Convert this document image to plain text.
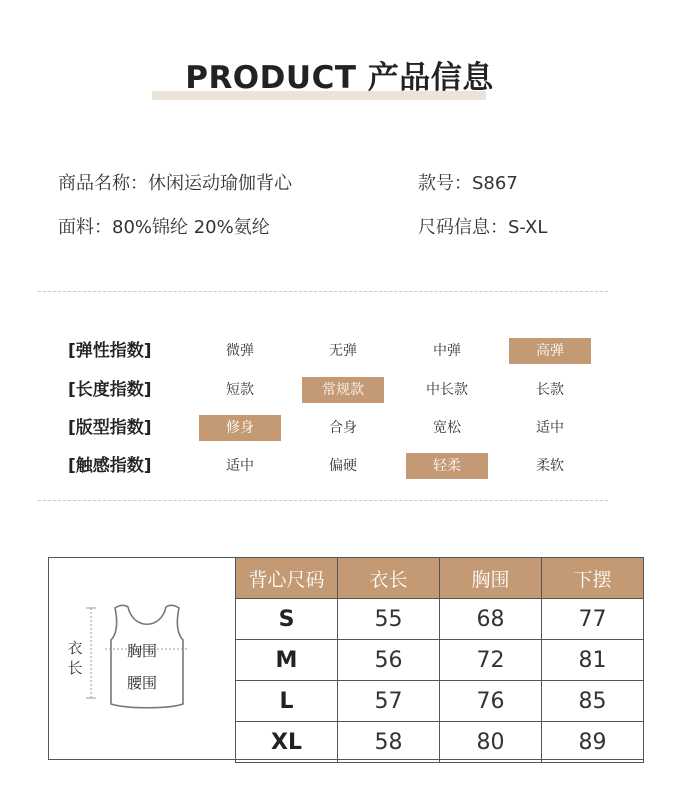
PRODUCT 产品信息
商品名称：休闲运动瑜伽背心	款号：S867
面料：80%锦纶 20%氨纶	尺码信息：S-XL
[弹性指数]	微弹	无弹	中弹	高弹
[长度指数]	短款	常规款	中长款	长款
[版型指数]	修身	合身	宽松	适中
[触感指数]	适中	偏硬	轻柔	柔软
衣
长
胸围
腰围
背心尺码	衣长	胸围	下摆
S	55	68	77
M	56	72	81
L	57	76	85
XL	58	80	89
